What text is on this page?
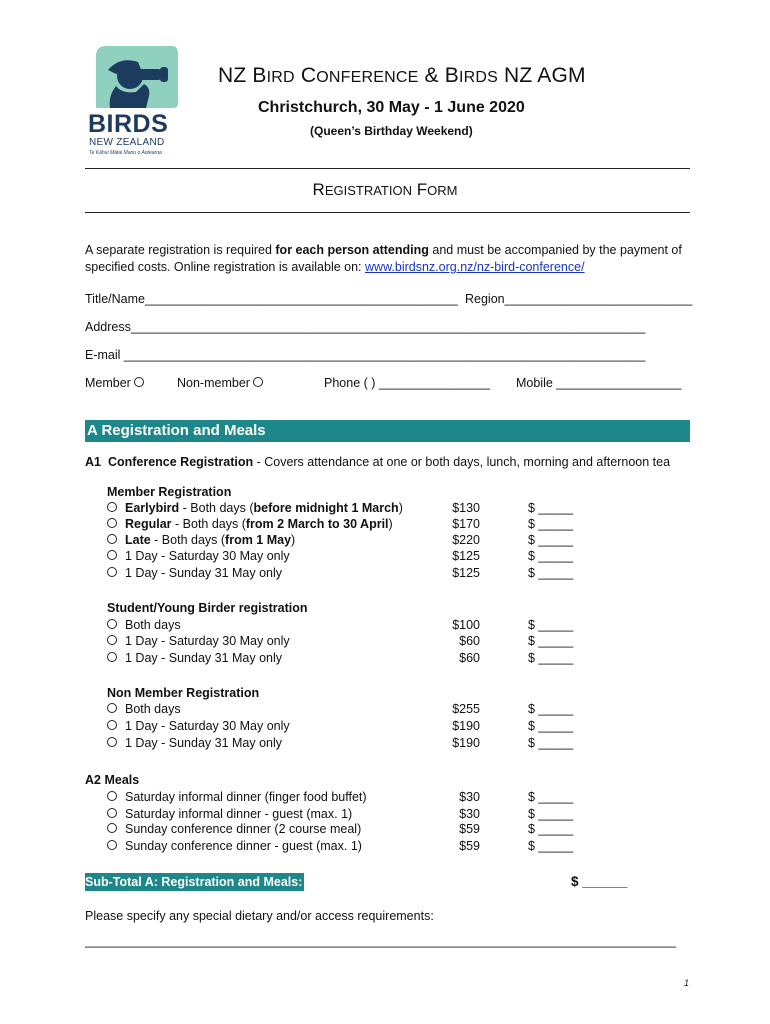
BIRDS
NEW ZEALAND
Te Kāhui Mātai Manu o Aotearoa
NZ BIRD CONFERENCE & BIRDS NZ AGM
Christchurch, 30 May - 1 June 2020
(Queen’s Birthday Weekend)
REGISTRATION FORM
A separate registration is required for each person attending and must be accompanied by the payment of specified costs. Online registration is available on: www.birdsnz.org.nz/nz-bird-conference/
Title/Name_____________________________________________ Region___________________________
Address__________________________________________________________________________
E-mail ___________________________________________________________________________
Member	Non-member	Phone ( ) ________________ Mobile __________________
A Registration and Meals
A1 Conference Registration - Covers attendance at one or both days, lunch, morning and afternoon tea
Member Registration
Earlybird - Both days (before midnight 1 March)	$130	$ _____
Regular - Both days (from 2 March to 30 April)	$170	$ _____
Late - Both days (from 1 May)	$220	$ _____
1 Day - Saturday 30 May only	$125	$ _____
1 Day - Sunday 31 May only	$125	$ _____
Student/Young Birder registration
Both days	$100	$ _____
1 Day - Saturday 30 May only	$60	$ _____
1 Day - Sunday 31 May only	$60	$ _____
Non Member Registration
Both days	$255	$ _____
1 Day - Saturday 30 May only	$190	$ _____
1 Day - Sunday 31 May only	$190	$ _____
A2 Meals
Saturday informal dinner (finger food buffet)	$30	$ _____
Saturday informal dinner - guest (max. 1)	$30	$ _____
Sunday conference dinner (2 course meal)	$59	$ _____
Sunday conference dinner - guest (max. 1)	$59	$ _____
Sub-Total A: Registration and Meals:	$ ______
Please specify any special dietary and/or access requirements:
_____________________________________________________________________________________
1
